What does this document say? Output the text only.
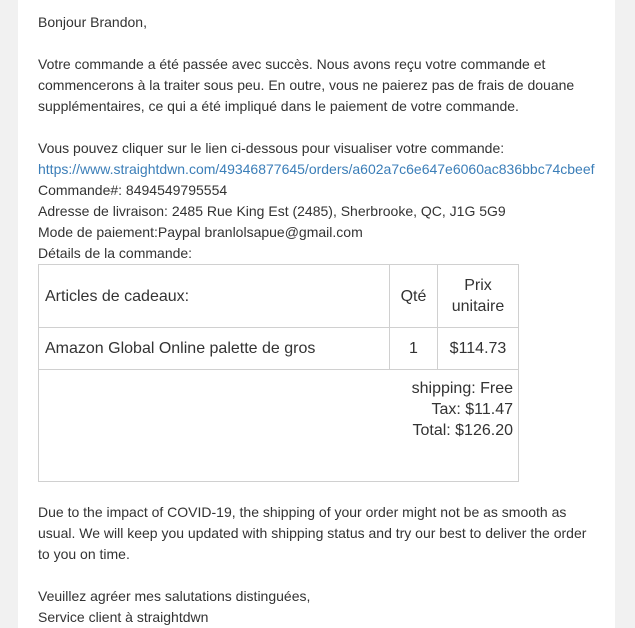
Bonjour Brandon,

Votre commande a été passée avec succès. Nous avons reçu votre commande et commencerons à la traiter sous peu. En outre, vous ne paierez pas de frais de douane supplémentaires, ce qui a été impliqué dans le paiement de votre commande.

Vous pouvez cliquer sur le lien ci-dessous pour visualiser votre commande:

https://www.straightdwn.com/49346877645/orders/a602a7c6e647e6060ac836bbc74cbeef

Commande#: 8494549795554

Adresse de livraison: 2485 Rue King Est (2485), Sherbrooke, QC, J1G 5G9

Mode de paiement:Paypal branlolsapue@gmail.com

Détails de la commande:

Articles de cadeaux:	Qté	Prix unitaire
Amazon Global Online palette de gros	1	$114.73

shipping: Free
Tax: $11.47
Total: $126.20		

Due to the impact of COVID-19, the shipping of your order might not be as smooth as usual. We will keep you updated with shipping status and try our best to deliver the order to you on time.

Veuillez agréer mes salutations distinguées,

Service client à straightdwn
